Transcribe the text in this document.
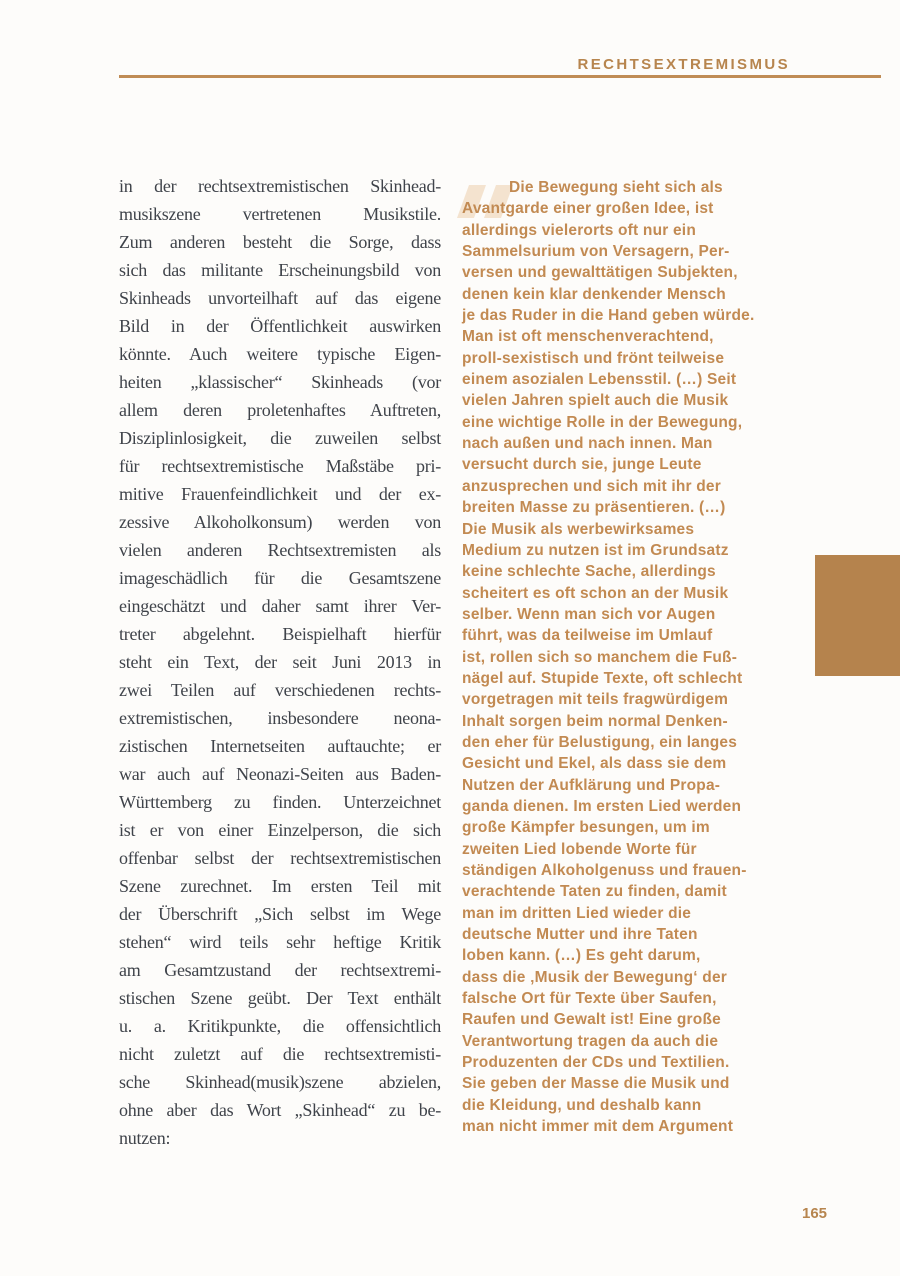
RECHTSEXTREMISMUS
in der rechtsextremistischen Skinhead-
musikszene vertretenen Musikstile.
Zum anderen besteht die Sorge, dass
sich das militante Erscheinungsbild von
Skinheads unvorteilhaft auf das eigene
Bild in der Öffentlichkeit auswirken
könnte. Auch weitere typische Eigen-
heiten „klassischer“ Skinheads (vor
allem deren proletenhaftes Auftreten,
Disziplinlosigkeit, die zuweilen selbst
für rechtsextremistische Maßstäbe pri-
mitive Frauenfeindlichkeit und der ex-
zessive Alkoholkonsum) werden von
vielen anderen Rechtsextremisten als
imageschädlich für die Gesamtszene
eingeschätzt und daher samt ihrer Ver-
treter abgelehnt. Beispielhaft hierfür
steht ein Text, der seit Juni 2013 in
zwei Teilen auf verschiedenen rechts-
extremistischen, insbesondere neona-
zistischen Internetseiten auftauchte; er
war auch auf Neonazi-Seiten aus Baden-
Württemberg zu finden. Unterzeichnet
ist er von einer Einzelperson, die sich
offenbar selbst der rechtsextremistischen
Szene zurechnet. Im ersten Teil mit
der Überschrift „Sich selbst im Wege
stehen“ wird teils sehr heftige Kritik
am Gesamtzustand der rechtsextremi-
stischen Szene geübt. Der Text enthält
u. a. Kritikpunkte, die offensichtlich
nicht zuletzt auf die rechtsextremisti-
sche Skinhead(musik)szene abzielen,
ohne aber das Wort „Skinhead“ zu be-
nutzen:
Die Bewegung sieht sich als
Avantgarde einer großen Idee, ist
allerdings vielerorts oft nur ein
Sammelsurium von Versagern, Per-
versen und gewalttätigen Subjekten,
denen kein klar denkender Mensch
je das Ruder in die Hand geben würde.
Man ist oft menschenverachtend,
proll-sexistisch und frönt teilweise
einem asozialen Lebensstil. (…) Seit
vielen Jahren spielt auch die Musik
eine wichtige Rolle in der Bewegung,
nach außen und nach innen. Man
versucht durch sie, junge Leute
anzusprechen und sich mit ihr der
breiten Masse zu präsentieren. (…)
Die Musik als werbewirksames
Medium zu nutzen ist im Grundsatz
keine schlechte Sache, allerdings
scheitert es oft schon an der Musik
selber. Wenn man sich vor Augen
führt, was da teilweise im Umlauf
ist, rollen sich so manchem die Fuß-
nägel auf. Stupide Texte, oft schlecht
vorgetragen mit teils fragwürdigem
Inhalt sorgen beim normal Denken-
den eher für Belustigung, ein langes
Gesicht und Ekel, als dass sie dem
Nutzen der Aufklärung und Propa-
ganda dienen. Im ersten Lied werden
große Kämpfer besungen, um im
zweiten Lied lobende Worte für
ständigen Alkoholgenuss und frauen-
verachtende Taten zu finden, damit
man im dritten Lied wieder die
deutsche Mutter und ihre Taten
loben kann. (…) Es geht darum,
dass die ‚Musik der Bewegung‘ der
falsche Ort für Texte über Saufen,
Raufen und Gewalt ist! Eine große
Verantwortung tragen da auch die
Produzenten der CDs und Textilien.
Sie geben der Masse die Musik und
die Kleidung, und deshalb kann
man nicht immer mit dem Argument
165
